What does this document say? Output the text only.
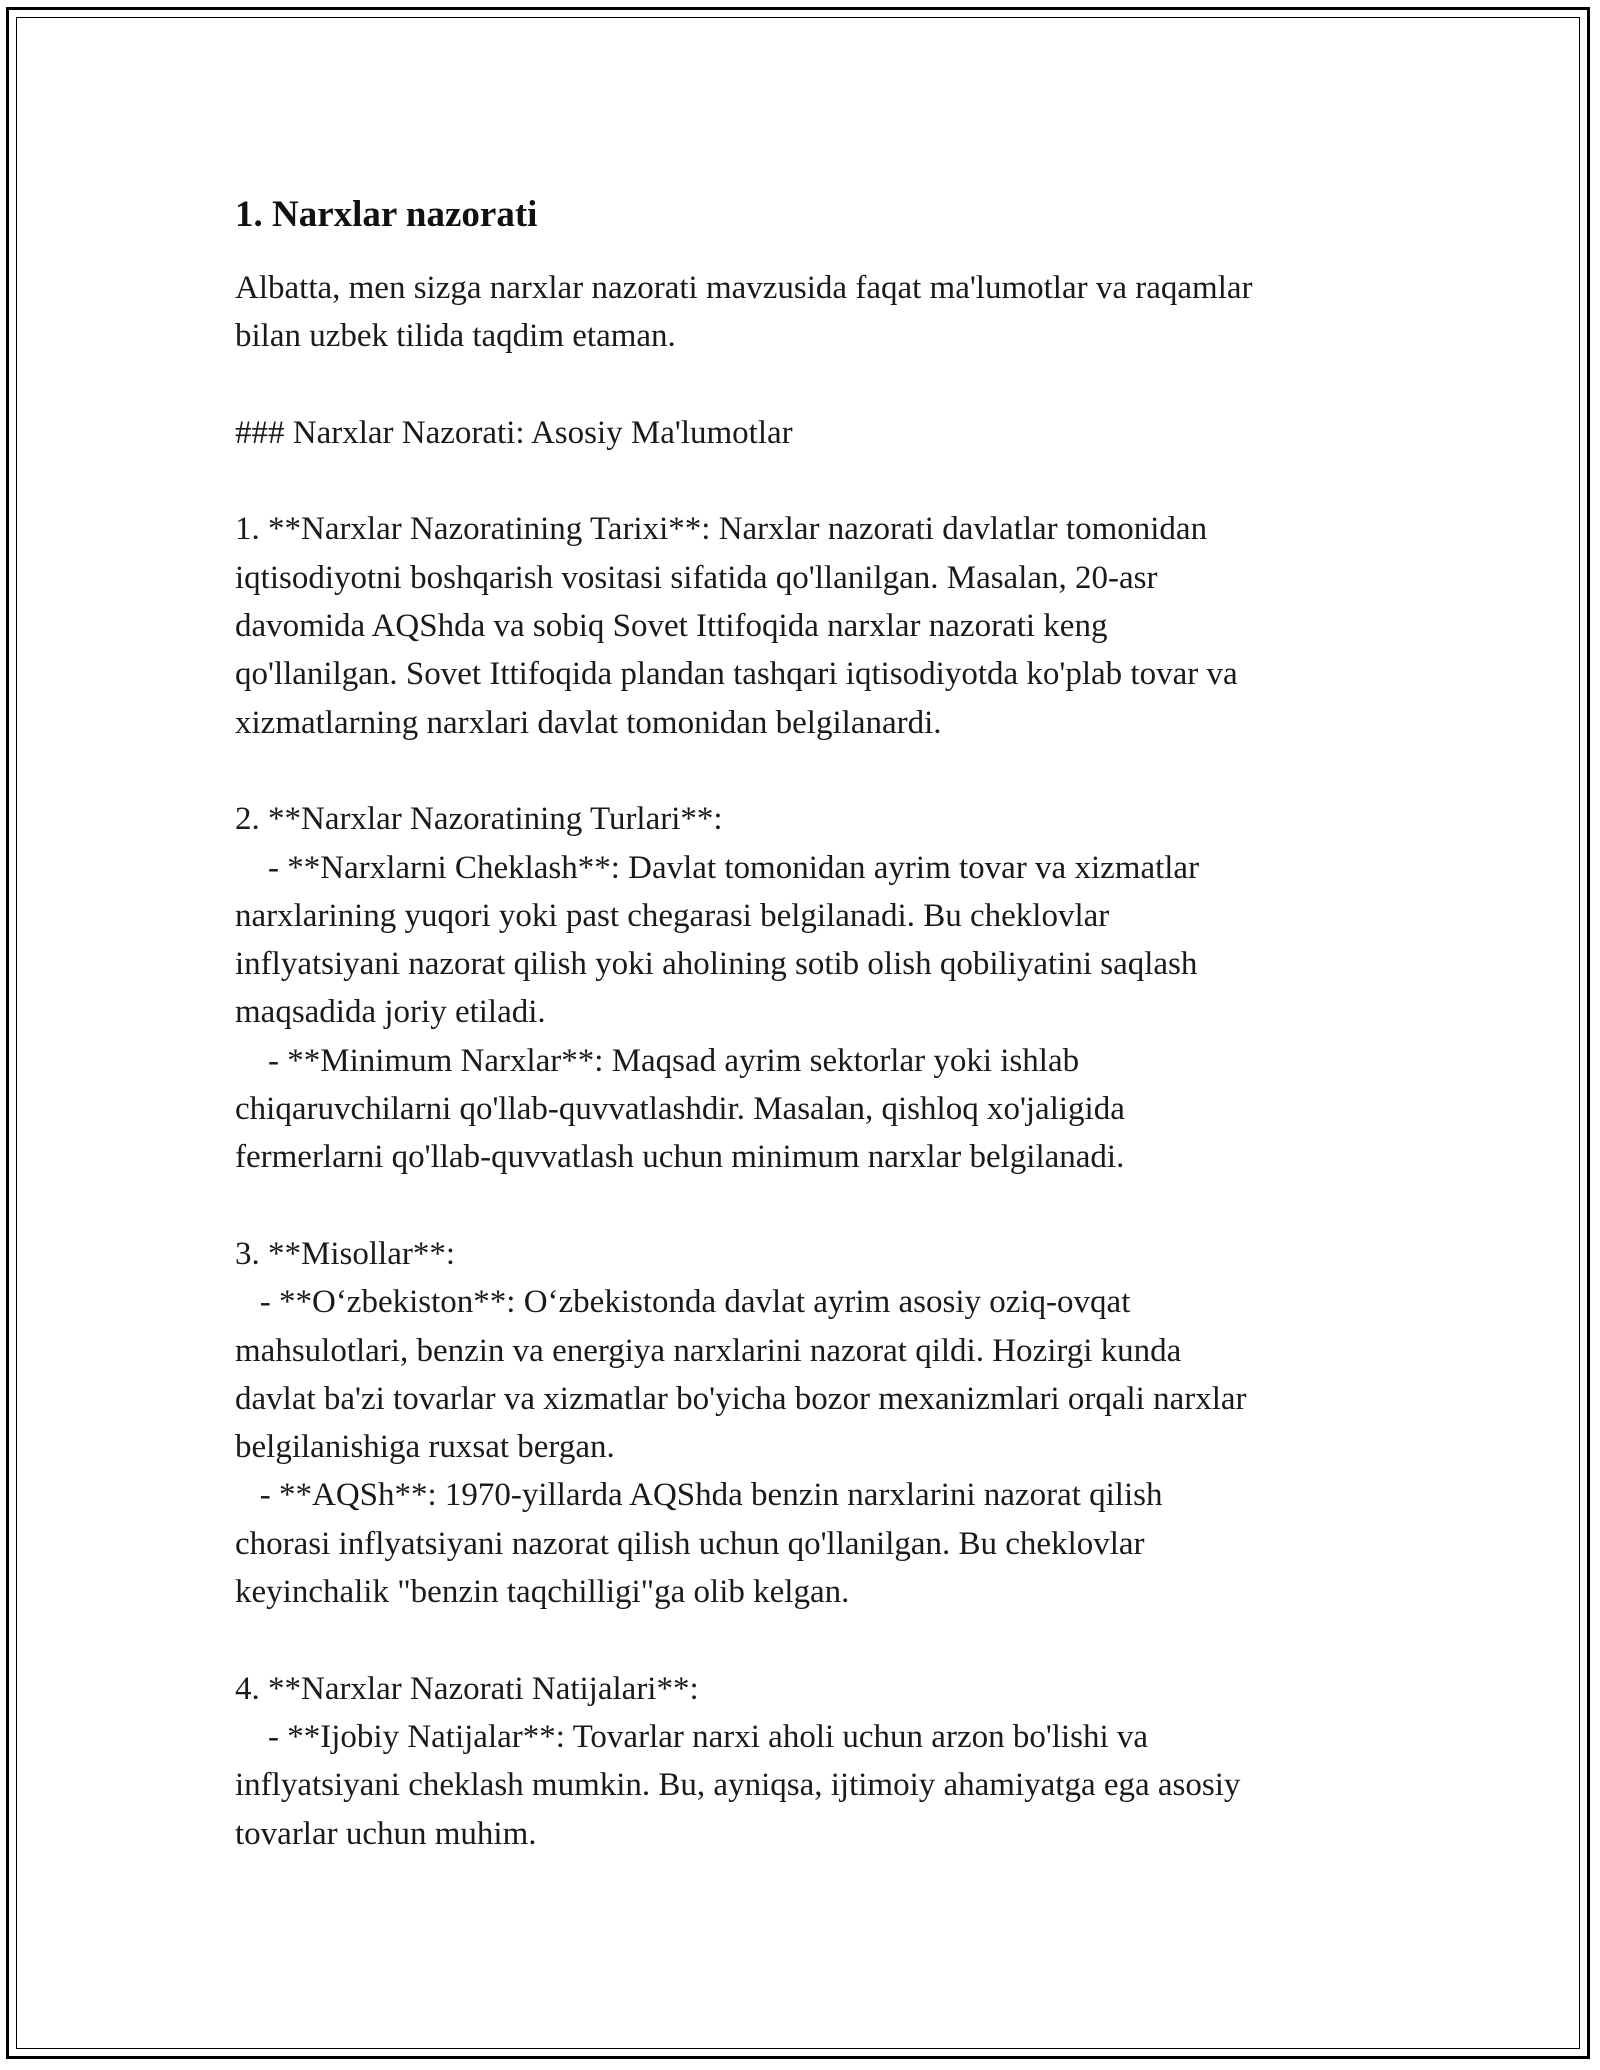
1. Narxlar nazorati

Albatta, men sizga narxlar nazorati mavzusida faqat ma'lumotlar va raqamlar
bilan uzbek tilida taqdim etaman.

### Narxlar Nazorati: Asosiy Ma'lumotlar

1. **Narxlar Nazoratining Tarixi**: Narxlar nazorati davlatlar tomonidan
iqtisodiyotni boshqarish vositasi sifatida qo'llanilgan. Masalan, 20-asr
davomida AQShda va sobiq Sovet Ittifoqida narxlar nazorati keng
qo'llanilgan. Sovet Ittifoqida plandan tashqari iqtisodiyotda ko'plab tovar va
xizmatlarning narxlari davlat tomonidan belgilanardi.

2. **Narxlar Nazoratining Turlari**:
- **Narxlarni Cheklash**: Davlat tomonidan ayrim tovar va xizmatlar
narxlarining yuqori yoki past chegarasi belgilanadi. Bu cheklovlar
inflyatsiyani nazorat qilish yoki aholining sotib olish qobiliyatini saqlash
maqsadida joriy etiladi.
- **Minimum Narxlar**: Maqsad ayrim sektorlar yoki ishlab
chiqaruvchilarni qo'llab-quvvatlashdir. Masalan, qishloq xo'jaligida
fermerlarni qo'llab-quvvatlash uchun minimum narxlar belgilanadi.

3. **Misollar**:
- **O‘zbekiston**: O‘zbekistonda davlat ayrim asosiy oziq-ovqat
mahsulotlari, benzin va energiya narxlarini nazorat qildi. Hozirgi kunda
davlat ba'zi tovarlar va xizmatlar bo'yicha bozor mexanizmlari orqali narxlar
belgilanishiga ruxsat bergan.
- **AQSh**: 1970-yillarda AQShda benzin narxlarini nazorat qilish
chorasi inflyatsiyani nazorat qilish uchun qo'llanilgan. Bu cheklovlar
keyinchalik "benzin taqchilligi"ga olib kelgan.

4. **Narxlar Nazorati Natijalari**:
- **Ijobiy Natijalar**: Tovarlar narxi aholi uchun arzon bo'lishi va
inflyatsiyani cheklash mumkin. Bu, ayniqsa, ijtimoiy ahamiyatga ega asosiy
tovarlar uchun muhim.
